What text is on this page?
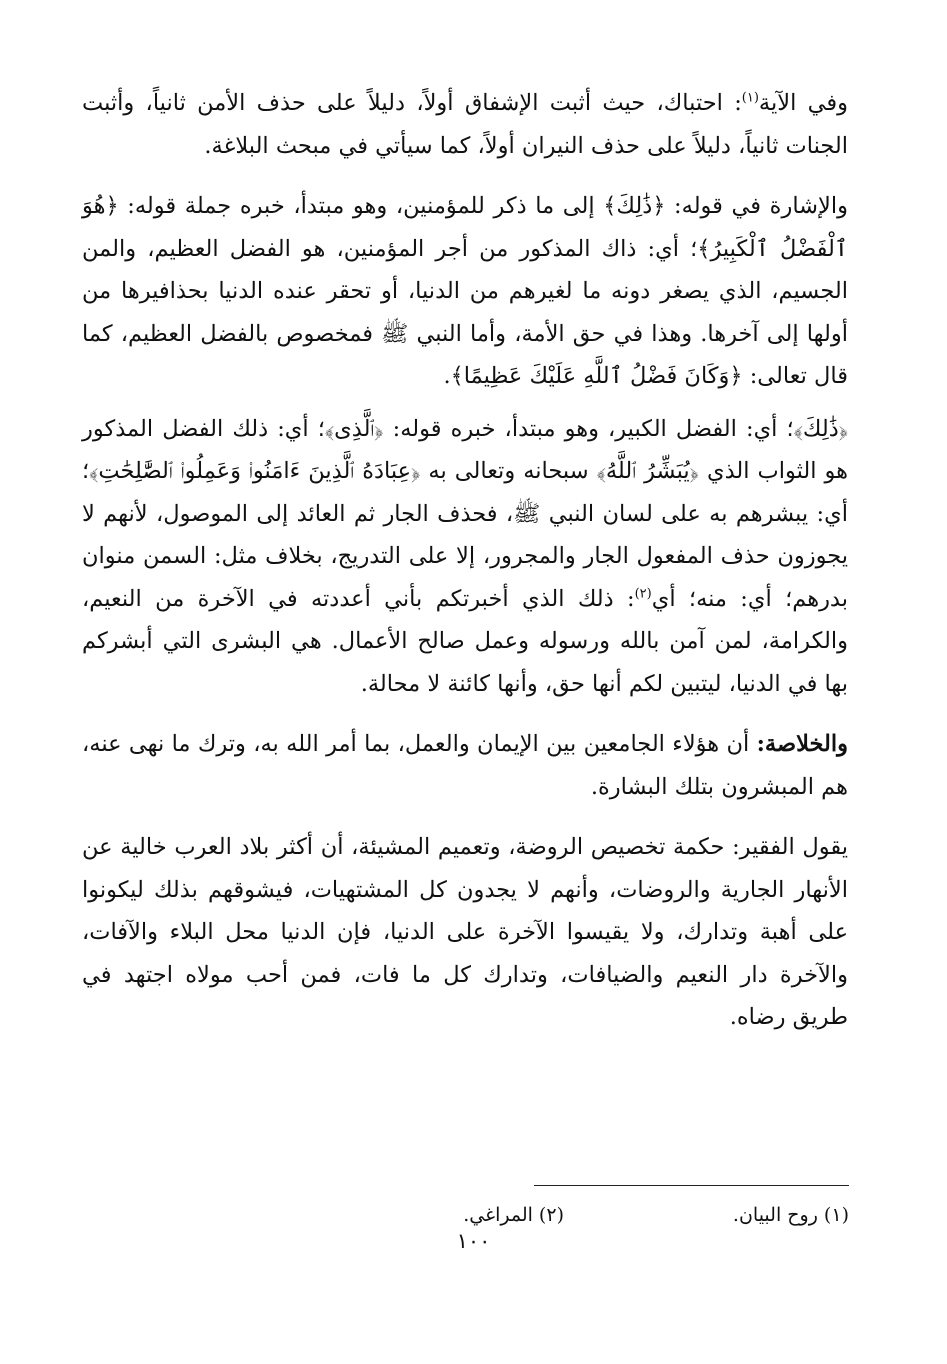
وفي الآية$^{(١)}$: احتباك، حيث أثبت الإشفاق أولاً، دليلاً على حذف الأمن ثانياً، وأثبت الجنات ثانياً، دليلاً على حذف النيران أولاً، كما سيأتي في مبحث البلاغة.

والإشارة في قوله: ﴿ذَٰلِكَ﴾ إلى ما ذكر للمؤمنين، وهو مبتدأ، خبره جملة قوله: ﴿هُوَ ٱلْفَضْلُ ٱلْكَبِيرُ﴾؛ أي: ذاك المذكور من أجر المؤمنين، هو الفضل العظيم، والمن الجسيم، الذي يصغر دونه ما لغيرهم من الدنيا، أو تحقر عنده الدنيا بحذافيرها من أولها إلى آخرها. وهذا في حق الأمة، وأما النبي ﷺ فمخصوص بالفضل العظيم، كما قال تعالى: ﴿وَكَانَ فَضْلُ ٱللَّهِ عَلَيْكَ عَظِيمًا﴾.

﴿ذَٰلِكَ﴾؛ أي: الفضل الكبير، وهو مبتدأ، خبره قوله: ﴿ٱلَّذِى﴾؛ أي: ذلك الفضل المذكور هو الثواب الذي ﴿يُبَشِّرُ ٱللَّهُ﴾ سبحانه وتعالى به ﴿عِبَادَهُ ٱلَّذِينَ ءَامَنُوا۟ وَعَمِلُوا۟ ٱلصَّٰلِحَٰتِ﴾؛ أي: يبشرهم به على لسان النبي ﷺ، فحذف الجار ثم العائد إلى الموصول، لأنهم لا يجوزون حذف المفعول الجار والمجرور، إلا على التدريج، بخلاف مثل: السمن منوان بدرهم؛ أي: منه؛ أي$^{(٢)}$: ذلك الذي أخبرتكم بأني أعددته في الآخرة من النعيم، والكرامة، لمن آمن بالله ورسوله وعمل صالح الأعمال. هي البشرى التي أبشركم بها في الدنيا، ليتبين لكم أنها حق، وأنها كائنة لا محالة.

والخلاصة: أن هؤلاء الجامعين بين الإيمان والعمل، بما أمر الله به، وترك ما نهى عنه، هم المبشرون بتلك البشارة.

يقول الفقير: حكمة تخصيص الروضة، وتعميم المشيئة، أن أكثر بلاد العرب خالية عن الأنهار الجارية والروضات، وأنهم لا يجدون كل المشتهيات، فيشوقهم بذلك ليكونوا على أهبة وتدارك، ولا يقيسوا الآخرة على الدنيا، فإن الدنيا محل البلاء والآفات، والآخرة دار النعيم والضيافات، وتدارك كل ما فات، فمن أحب مولاه اجتهد في طريق رضاه.

(١) روح البيان.(٢) المراغي.
١٠٠
